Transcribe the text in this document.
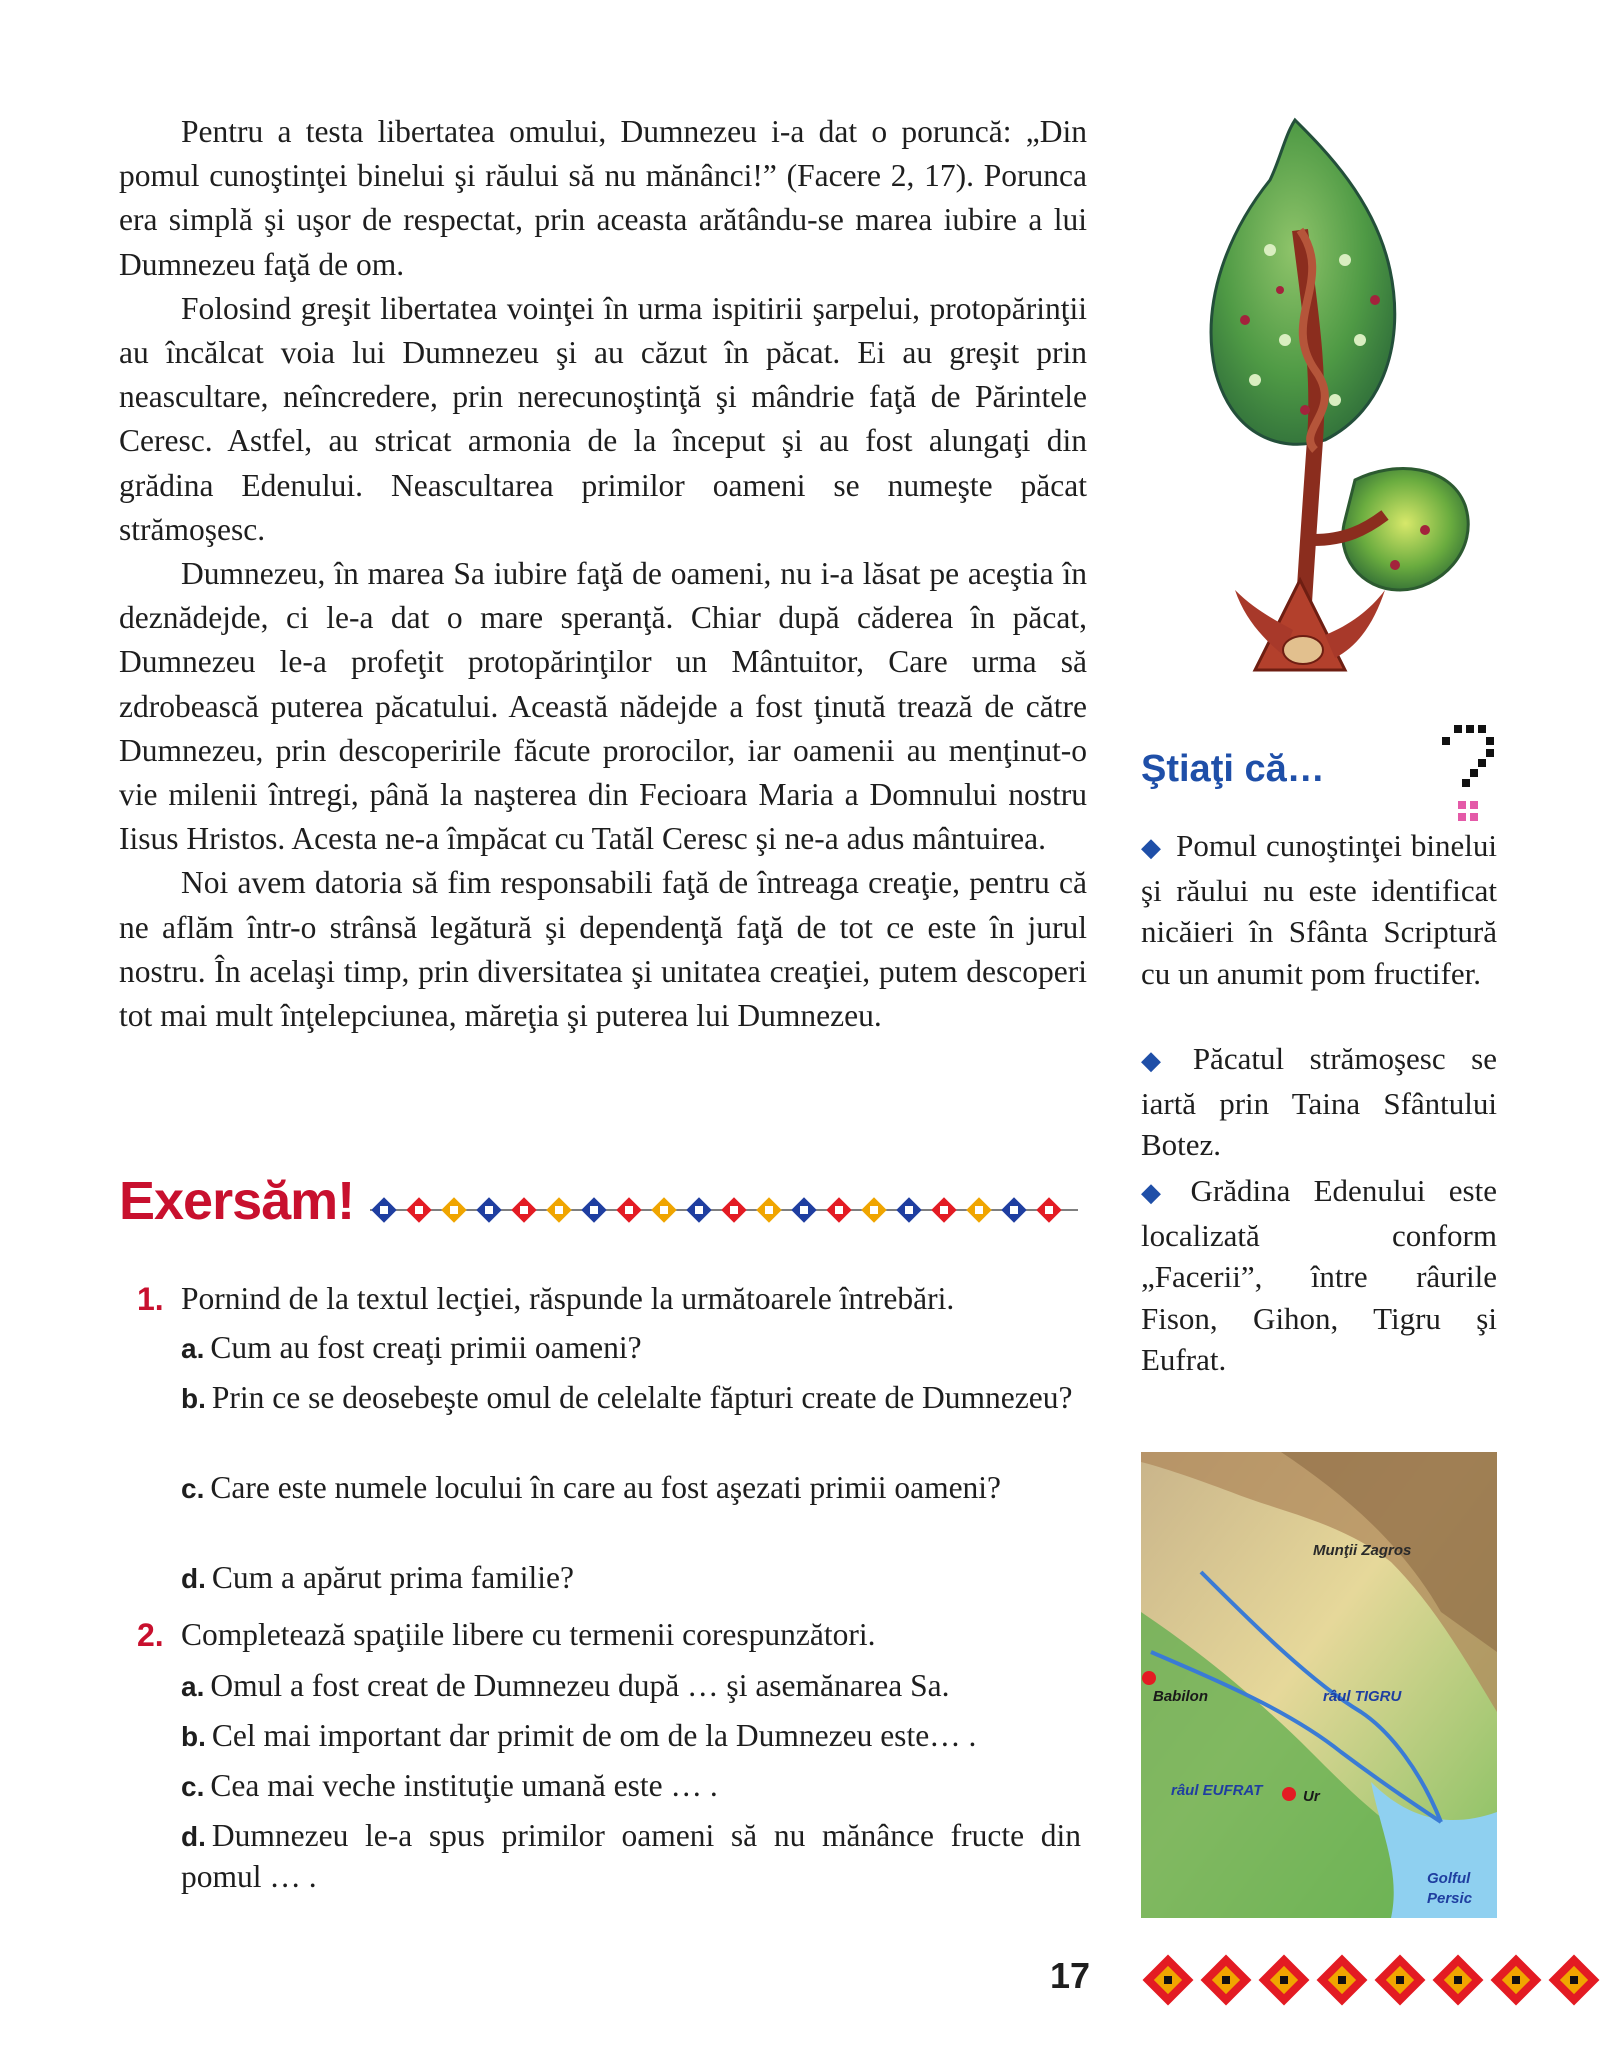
Pentru a testa libertatea omului, Dumnezeu i-a dat o poruncă: „Din pomul cunoştinţei binelui şi răului să nu mănânci!” (Facere 2, 17). Porunca era simplă şi uşor de respectat, prin aceasta arătându-se marea iubire a lui Dumnezeu faţă de om.

Folosind greşit libertatea voinţei în urma ispitirii şarpelui, protopărinţii au încălcat voia lui Dumnezeu şi au căzut în păcat. Ei au greşit prin neascultare, neîncredere, prin nerecunoştinţă şi mândrie faţă de Părintele Ceresc. Astfel, au stricat armonia de la început şi au fost alungaţi din grădina Edenului. Neascultarea primilor oameni se numeşte păcat strămoşesc.

Dumnezeu, în marea Sa iubire faţă de oameni, nu i-a lăsat pe aceştia în deznădejde, ci le-a dat o mare speranţă. Chiar după căderea în păcat, Dumnezeu le-a profeţit protopărinţilor un Mântuitor, Care urma să zdrobească puterea păcatului. Această nădejde a fost ţinută trează de către Dumnezeu, prin descoperirile făcute prorocilor, iar oamenii au menţinut-o vie milenii întregi, până la naşterea din Fecioara Maria a Domnului nostru Iisus Hristos. Acesta ne-a împăcat cu Tatăl Ceresc şi ne-a adus mântuirea.

Noi avem datoria să fim responsabili faţă de întreaga creaţie, pentru că ne aflăm într-o strânsă legătură şi dependenţă faţă de tot ce este în jurul nostru. În acelaşi timp, prin diversitatea şi unitatea creaţiei, putem descoperi tot mai mult înţelepciunea, măreţia şi puterea lui Dumnezeu.

Exersăm!
1. Pornind de la textul lecţiei, răspunde la următoarele întrebări.
a. Cum au fost creaţi primii oameni?
b. Prin ce se deosebeşte omul de celelalte făpturi create de Dumnezeu?
c. Care este numele locului în care au fost aşezati primii oameni?
d. Cum a apărut prima familie?
2. Completează spaţiile libere cu termenii corespunzători.
a. Omul a fost creat de Dumnezeu după … şi asemănarea Sa.
b. Cel mai important dar primit de om de la Dumnezeu este… .
c. Cea mai veche instituţie umană este … .
d. Dumnezeu le-a spus primilor oameni să nu mănânce fructe din pomul … .
Ştiaţi că…
◆ Pomul cunoştinţei binelui şi răului nu este identificat nicăieri în Sfânta Scriptură cu un anumit pom fructifer.
◆ Păcatul strămoşesc se iartă prin Taina Sfântului Botez.
◆ Grădina Edenului este localizată conform „Facerii”, între râurile Fison, Gihon, Tigru şi Eufrat.
Munţii Zagros
Babilon	râul TIGRU
râul EUFRAT	Ur
Golful
Persic
17
